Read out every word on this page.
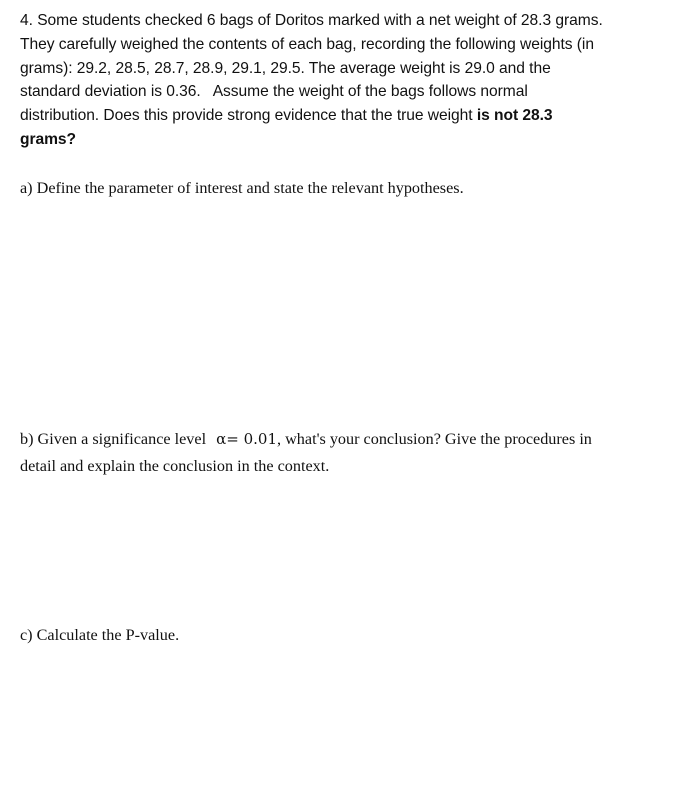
4. Some students checked 6 bags of Doritos marked with a net weight of 28.3 grams.
They carefully weighed the contents of each bag, recording the following weights (in
grams): 29.2, 28.5, 28.7, 28.9, 29.1, 29.5. The average weight is 29.0 and the
standard deviation is 0.36. Assume the weight of the bags follows normal
distribution. Does this provide strong evidence that the true weight is not 28.3
grams?

a) Define the parameter of interest and state the relevant hypotheses.

b) Given a significance level α= 0.01, what's your conclusion? Give the procedures in
detail and explain the conclusion in the context.

c) Calculate the P-value.
